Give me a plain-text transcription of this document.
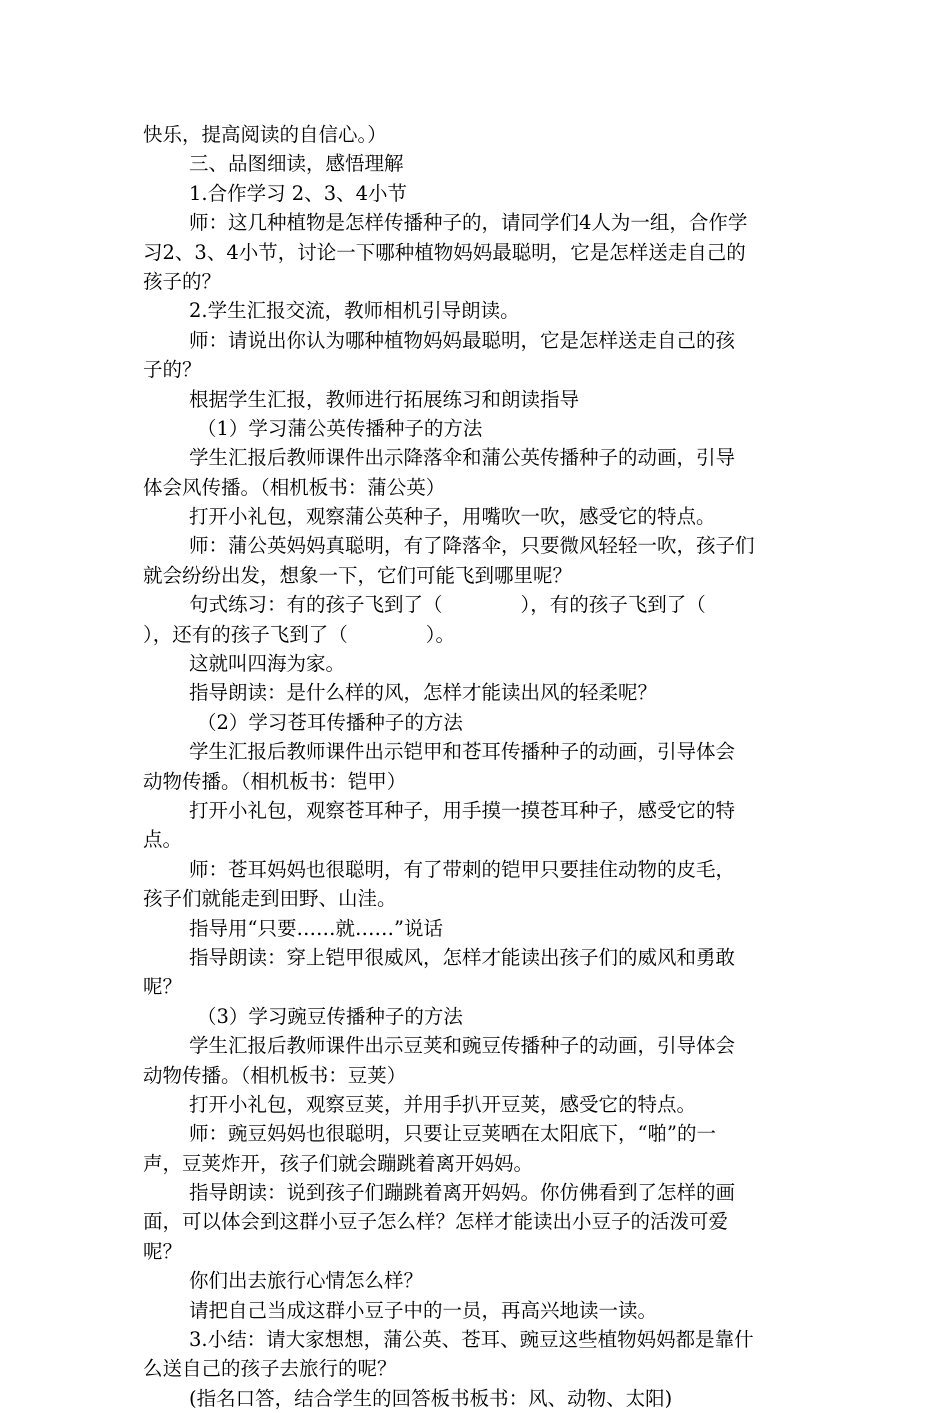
快乐，提高阅读的自信心。）
三、品图细读，感悟理解
1.合作学习 2、3、4小节
师：这几种植物是怎样传播种子的，请同学们4人为一组，合作学
习2、3、4小节，讨论一下哪种植物妈妈最聪明，它是怎样送走自己的
孩子的？
2.学生汇报交流，教师相机引导朗读。
师：请说出你认为哪种植物妈妈最聪明，它是怎样送走自己的孩
子的？
根据学生汇报，教师进行拓展练习和朗读指导
（1）学习蒲公英传播种子的方法
学生汇报后教师课件出示降落伞和蒲公英传播种子的动画，引导
体会风传播。（相机板书：蒲公英）
打开小礼包，观察蒲公英种子，用嘴吹一吹，感受它的特点。
师：蒲公英妈妈真聪明，有了降落伞，只要微风轻轻一吹，孩子们
就会纷纷出发，想象一下，它们可能飞到哪里呢？
句式练习：有的孩子飞到了（　　　　），有的孩子飞到了（
），还有的孩子飞到了（　　　　）。
这就叫四海为家。
指导朗读：是什么样的风，怎样才能读出风的轻柔呢？
（2）学习苍耳传播种子的方法
学生汇报后教师课件出示铠甲和苍耳传播种子的动画，引导体会
动物传播。（相机板书：铠甲）
打开小礼包，观察苍耳种子，用手摸一摸苍耳种子，感受它的特
点。
师：苍耳妈妈也很聪明，有了带刺的铠甲只要挂住动物的皮毛，
孩子们就能走到田野、山洼。
指导用“只要……就……”说话
指导朗读：穿上铠甲很威风，怎样才能读出孩子们的威风和勇敢
呢？
（3）学习豌豆传播种子的方法
学生汇报后教师课件出示豆荚和豌豆传播种子的动画，引导体会
动物传播。（相机板书：豆荚）
打开小礼包，观察豆荚，并用手扒开豆荚，感受它的特点。
师：豌豆妈妈也很聪明，只要让豆荚晒在太阳底下，“啪”的一
声，豆荚炸开，孩子们就会蹦跳着离开妈妈。
指导朗读：说到孩子们蹦跳着离开妈妈。你仿佛看到了怎样的画
面，可以体会到这群小豆子怎么样？怎样才能读出小豆子的活泼可爱
呢？
你们出去旅行心情怎么样？
请把自己当成这群小豆子中的一员，再高兴地读一读。
3.小结：请大家想想，蒲公英、苍耳、豌豆这些植物妈妈都是靠什
么送自己的孩子去旅行的呢？
(指名口答，结合学生的回答板书板书：风、动物、太阳)
